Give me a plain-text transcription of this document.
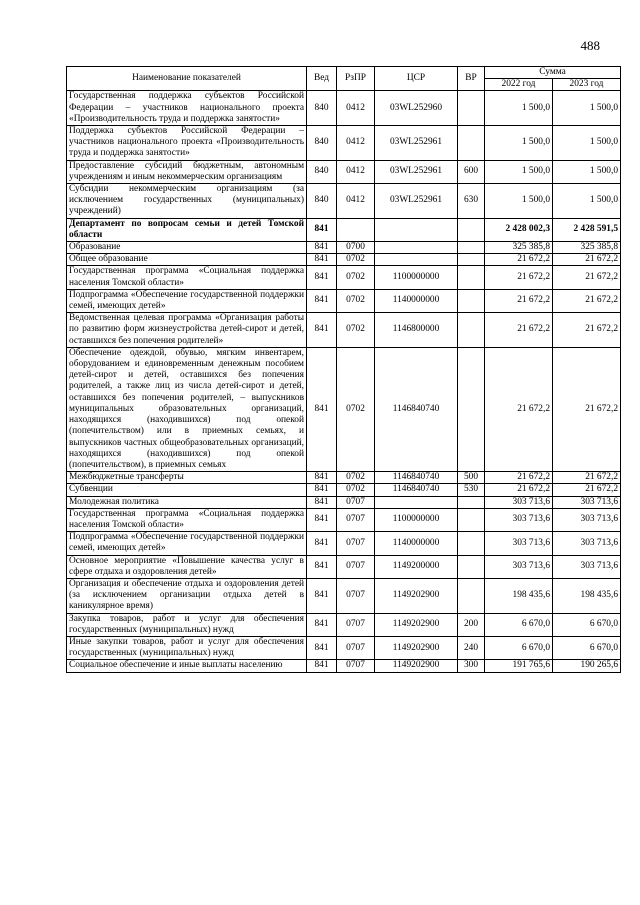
488
Наименование показателей	Вед	РзПР	ЦСР	ВР	Сумма	
					2022 год	2023 год
Государственная поддержка субъектов Российской Федерации – участников национального проекта «Производительность труда и поддержка занятости»	840	0412	03WL252960		1 500,0	1 500,0
Поддержка субъектов Российской Федерации – участников национального проекта «Производительность труда и поддержка занятости»	840	0412	03WL252961		1 500,0	1 500,0
Предоставление субсидий бюджетным, автономным учреждениям и иным некоммерческим организациям	840	0412	03WL252961	600	1 500,0	1 500,0
Субсидии некоммерческим организациям (за исключением государственных (муниципальных) учреждений)	840	0412	03WL252961	630	1 500,0	1 500,0
Департамент по вопросам семьи и детей Томской области	841				2 428 002,3	2 428 591,5
Образование	841	0700			325 385,8	325 385,8
Общее образование	841	0702			21 672,2	21 672,2
Государственная программа «Социальная поддержка населения Томской области»	841	0702	1100000000		21 672,2	21 672,2
Подпрограмма «Обеспечение государственной поддержки семей, имеющих детей»	841	0702	1140000000		21 672,2	21 672,2
Ведомственная целевая программа «Организация работы по развитию форм жизнеустройства детей-сирот и детей, оставшихся без попечения родителей»	841	0702	1146800000		21 672,2	21 672,2
Обеспечение одеждой, обувью, мягким инвентарем, оборудованием и единовременным денежным пособием детей-сирот и детей, оставшихся без попечения родителей, а также лиц из числа детей-сирот и детей, оставшихся без попечения родителей, – выпускников муниципальных образовательных организаций, находящихся (находившихся) под опекой (попечительством) или в приемных семьях, и выпускников частных общеобразовательных организаций, находящихся (находившихся) под опекой (попечительством), в приемных семьях	841	0702	1146840740		21 672,2	21 672,2
Межбюджетные трансферты	841	0702	1146840740	500	21 672,2	21 672,2
Субвенции	841	0702	1146840740	530	21 672,2	21 672,2
Молодежная политика	841	0707			303 713,6	303 713,6
Государственная программа «Социальная поддержка населения Томской области»	841	0707	1100000000		303 713,6	303 713,6
Подпрограмма «Обеспечение государственной поддержки семей, имеющих детей»	841	0707	1140000000		303 713,6	303 713,6
Основное мероприятие «Повышение качества услуг в сфере отдыха и оздоровления детей»	841	0707	1149200000		303 713,6	303 713,6
Организация и обеспечение отдыха и оздоровления детей (за исключением организации отдыха детей в каникулярное время)	841	0707	1149202900		198 435,6	198 435,6
Закупка товаров, работ и услуг для обеспечения государственных (муниципальных) нужд	841	0707	1149202900	200	6 670,0	6 670,0
Иные закупки товаров, работ и услуг для обеспечения государственных (муниципальных) нужд	841	0707	1149202900	240	6 670,0	6 670,0
Социальное обеспечение и иные выплаты населению	841	0707	1149202900	300	191 765,6	190 265,6
